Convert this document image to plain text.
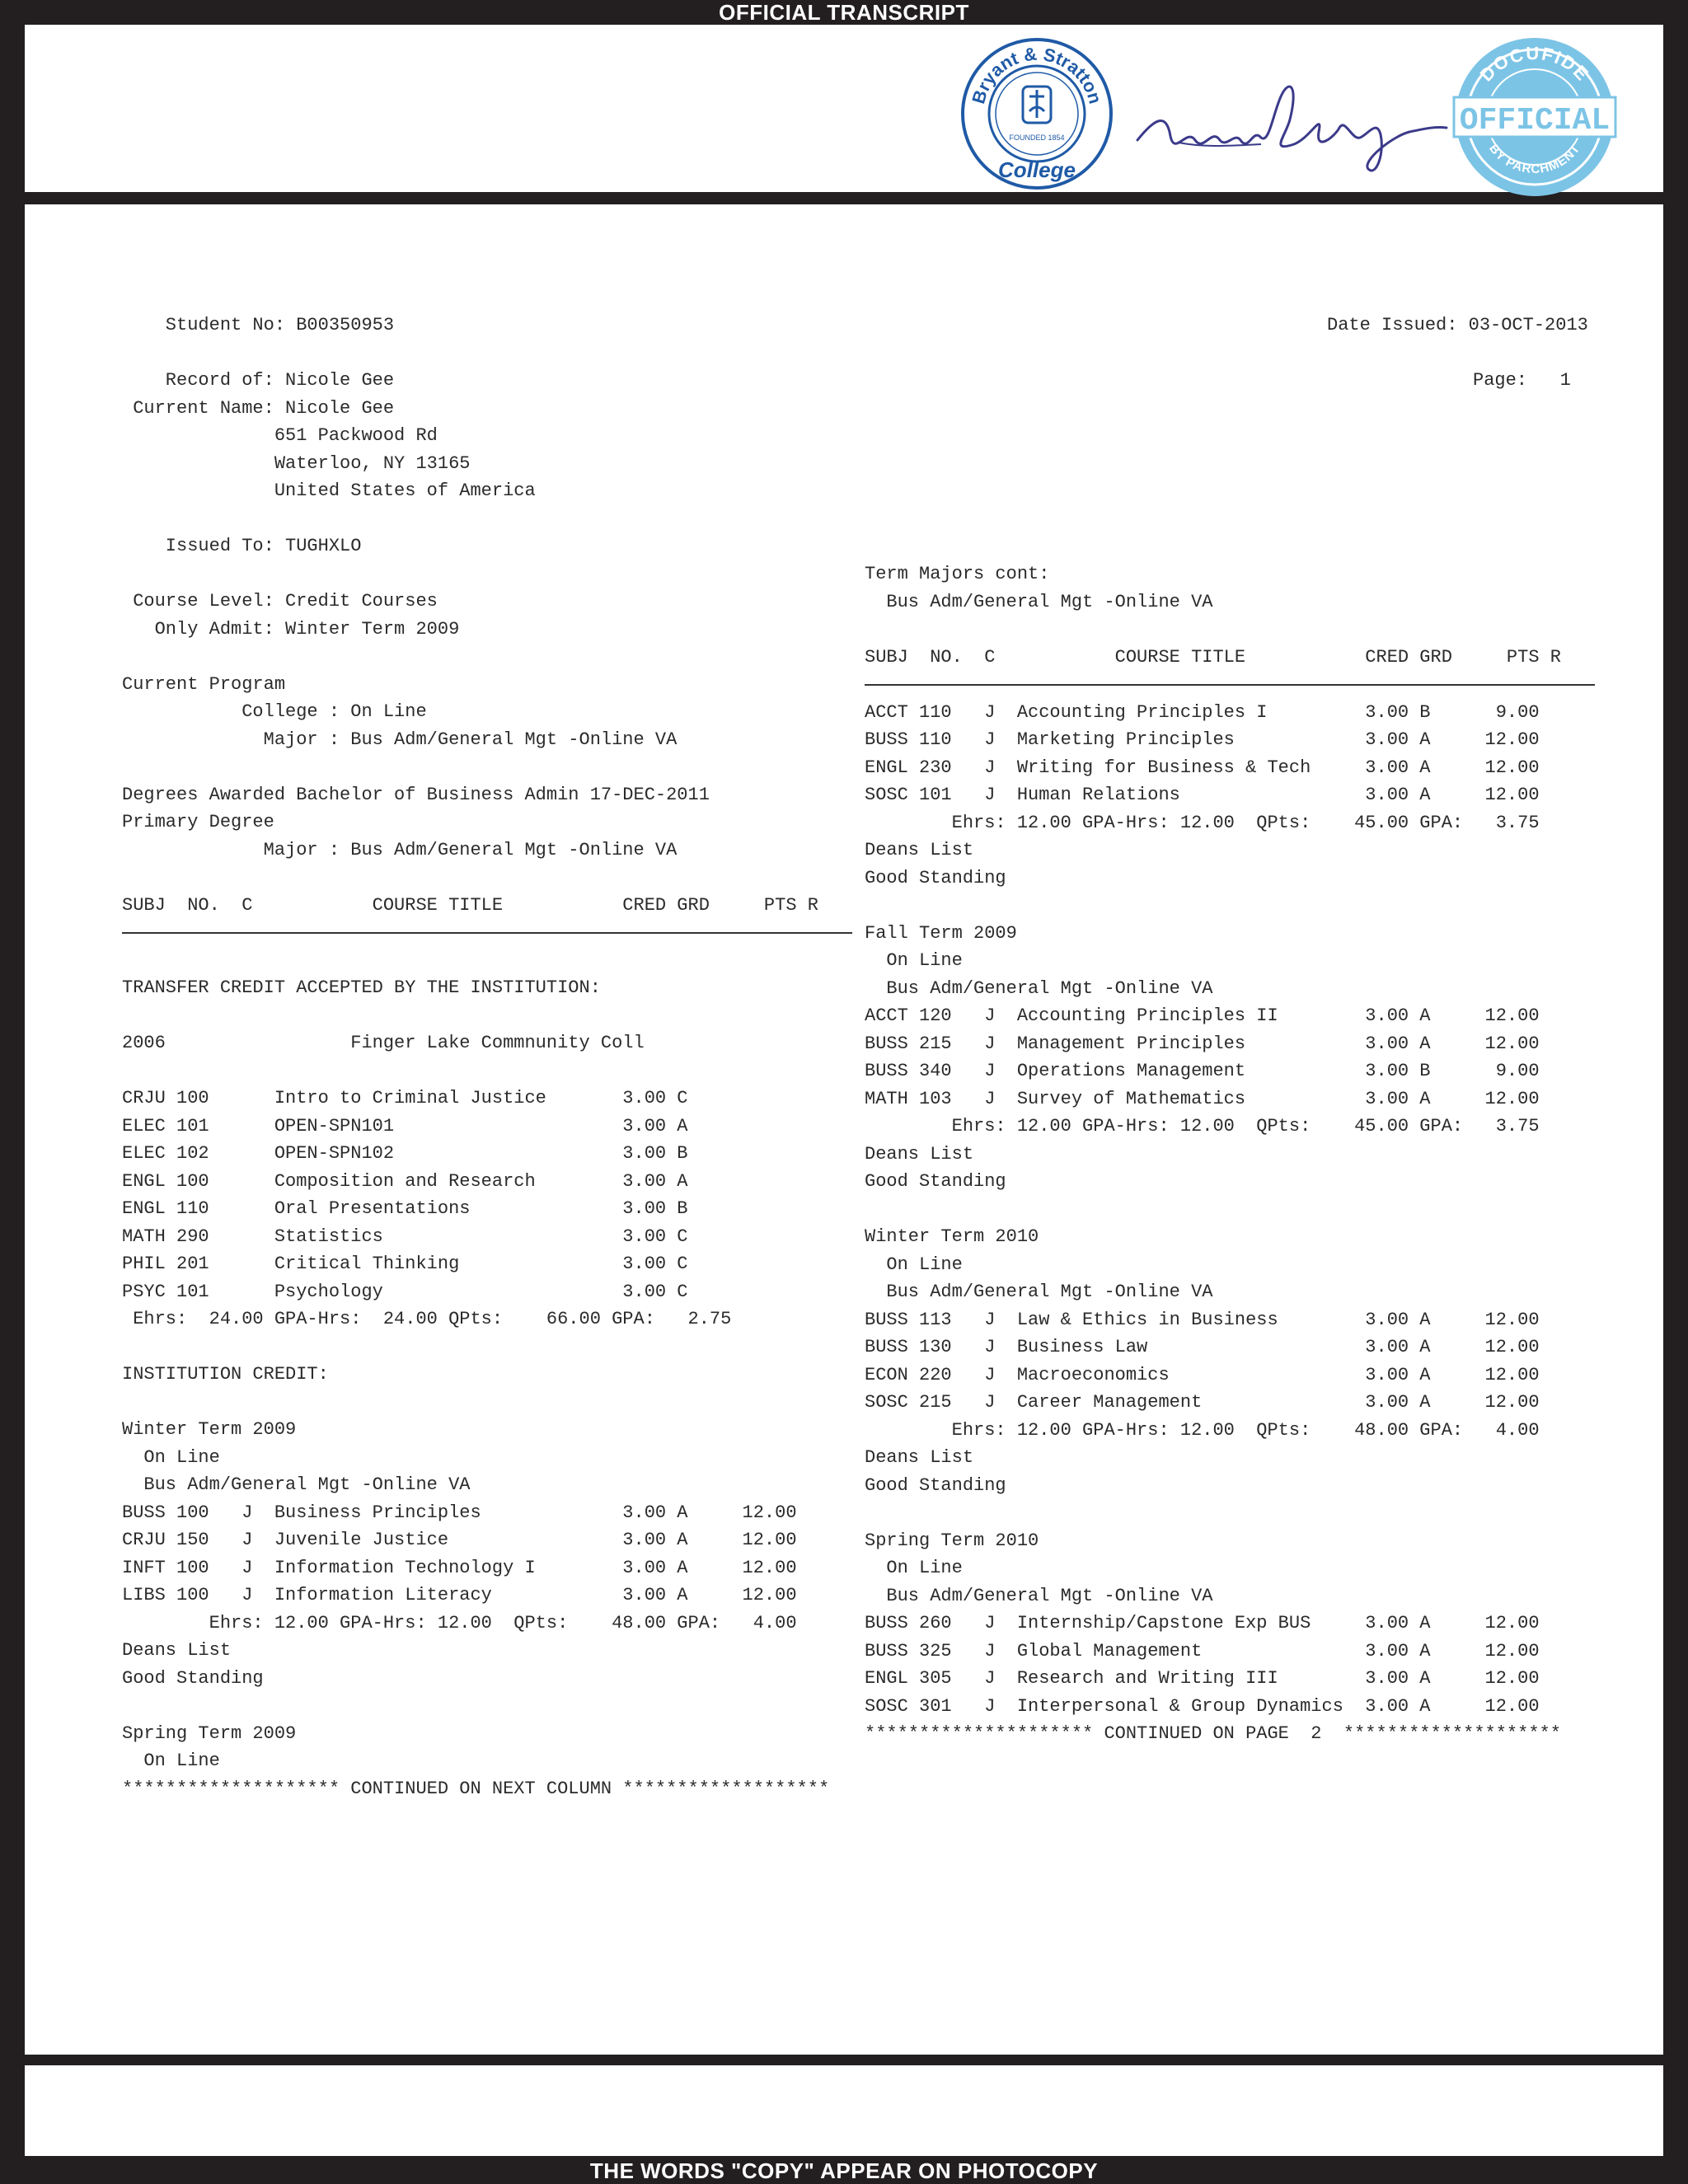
OFFICIAL TRANSCRIPT
Bryant & Stratton
FOUNDED 1854
College
DOCUFIDE
OFFICIAL
BY PARCHMENT
Student No: B00350953	Date Issued: 03-OCT-2013
Page:   1
Record of: Nicole Gee
Current Name: Nicole Gee
651 Packwood Rd
Waterloo, NY 13165
United States of America
Issued To: TUGHXLO
Course Level: Credit Courses
Only Admit: Winter Term 2009
Current Program
College : On Line
Major : Bus Adm/General Mgt -Online VA
Degrees Awarded Bachelor of Business Admin 17-DEC-2011
Primary Degree
Major : Bus Adm/General Mgt -Online VA
SUBJ  NO.  C           COURSE TITLE           CRED GRD     PTS R
TRANSFER CREDIT ACCEPTED BY THE INSTITUTION:
2006                 Finger Lake Commnunity Coll
CRJU 100      Intro to Criminal Justice       3.00 C
ELEC 101      OPEN-SPN101                     3.00 A
ELEC 102      OPEN-SPN102                     3.00 B
ENGL 100      Composition and Research        3.00 A
ENGL 110      Oral Presentations              3.00 B
MATH 290      Statistics                      3.00 C
PHIL 201      Critical Thinking               3.00 C
PSYC 101      Psychology                      3.00 C
Ehrs:  24.00 GPA-Hrs:  24.00 QPts:    66.00 GPA:   2.75
INSTITUTION CREDIT:
Winter Term 2009
On Line
Bus Adm/General Mgt -Online VA
BUSS 100   J  Business Principles             3.00 A     12.00
CRJU 150   J  Juvenile Justice                3.00 A     12.00
INFT 100   J  Information Technology I        3.00 A     12.00
LIBS 100   J  Information Literacy            3.00 A     12.00
Ehrs: 12.00 GPA-Hrs: 12.00  QPts:    48.00 GPA:   4.00
Deans List
Good Standing
Spring Term 2009
On Line
******************** CONTINUED ON NEXT COLUMN *******************
Term Majors cont:
Bus Adm/General Mgt -Online VA
SUBJ  NO.  C           COURSE TITLE           CRED GRD     PTS R
ACCT 110   J  Accounting Principles I         3.00 B      9.00
BUSS 110   J  Marketing Principles            3.00 A     12.00
ENGL 230   J  Writing for Business & Tech     3.00 A     12.00
SOSC 101   J  Human Relations                 3.00 A     12.00
Ehrs: 12.00 GPA-Hrs: 12.00  QPts:    45.00 GPA:   3.75
Deans List
Good Standing
Fall Term 2009
On Line
Bus Adm/General Mgt -Online VA
ACCT 120   J  Accounting Principles II        3.00 A     12.00
BUSS 215   J  Management Principles           3.00 A     12.00
BUSS 340   J  Operations Management           3.00 B      9.00
MATH 103   J  Survey of Mathematics           3.00 A     12.00
Ehrs: 12.00 GPA-Hrs: 12.00  QPts:    45.00 GPA:   3.75
Deans List
Good Standing
Winter Term 2010
On Line
Bus Adm/General Mgt -Online VA
BUSS 113   J  Law & Ethics in Business        3.00 A     12.00
BUSS 130   J  Business Law                    3.00 A     12.00
ECON 220   J  Macroeconomics                  3.00 A     12.00
SOSC 215   J  Career Management               3.00 A     12.00
Ehrs: 12.00 GPA-Hrs: 12.00  QPts:    48.00 GPA:   4.00
Deans List
Good Standing
Spring Term 2010
On Line
Bus Adm/General Mgt -Online VA
BUSS 260   J  Internship/Capstone Exp BUS     3.00 A     12.00
BUSS 325   J  Global Management               3.00 A     12.00
ENGL 305   J  Research and Writing III        3.00 A     12.00
SOSC 301   J  Interpersonal & Group Dynamics  3.00 A     12.00
********************* CONTINUED ON PAGE  2  ********************
THE WORDS "COPY" APPEAR ON PHOTOCOPY
